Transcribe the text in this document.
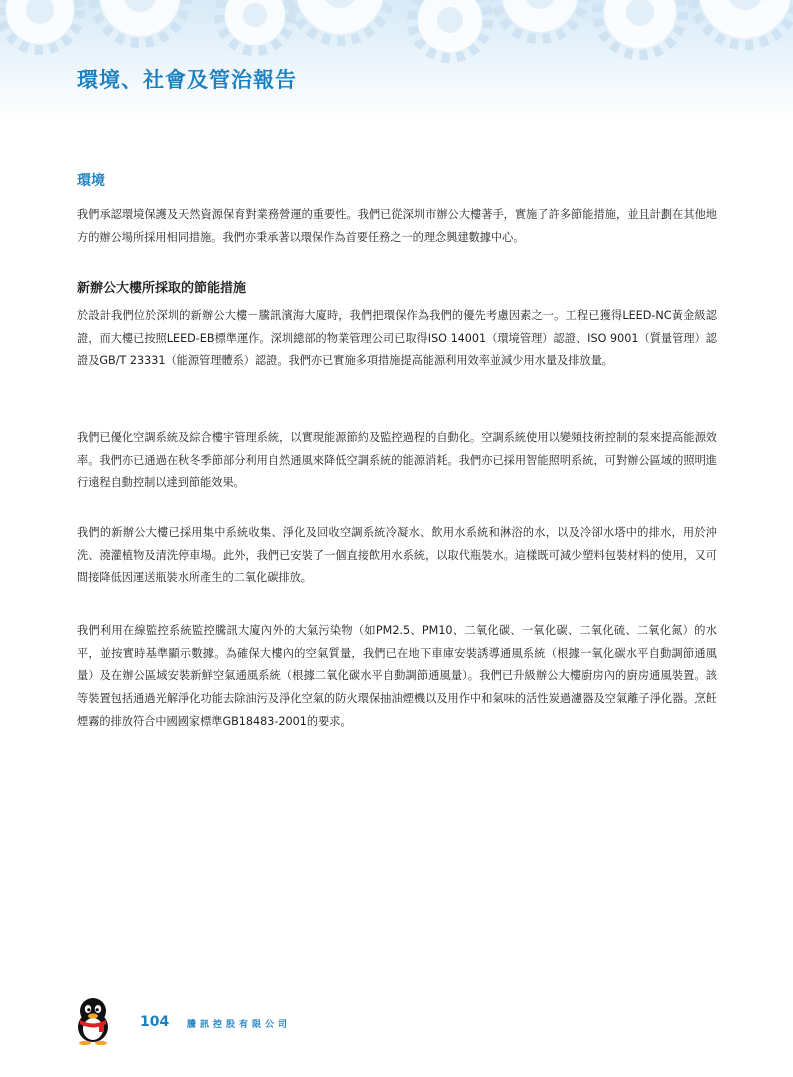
環境、社會及管治報告
環境

我們承認環境保護及天然資源保育對業務營運的重要性。我們已從深圳市辦公大樓著手，實施了許多節能措施，並且計劃在其他地方的辦公場所採用相同措施。我們亦秉承著以環保作為首要任務之一的理念興建數據中心。

新辦公大樓所採取的節能措施

於設計我們位於深圳的新辦公大樓－騰訊濱海大廈時，我們把環保作為我們的優先考慮因素之一。工程已獲得LEED-NC黃金級認證，而大樓已按照LEED-EB標準運作。深圳總部的物業管理公司已取得ISO 14001（環境管理）認證、ISO 9001（質量管理）認證及GB/T 23331（能源管理體系）認證。我們亦已實施多項措施提高能源利用效率並減少用水量及排放量。

我們已優化空調系統及綜合樓宇管理系統，以實現能源節約及監控過程的自動化。空調系統使用以變頻技術控制的泵來提高能源效率。我們亦已通過在秋冬季節部分利用自然通風來降低空調系統的能源消耗。我們亦已採用智能照明系統，可對辦公區域的照明進行遠程自動控制以達到節能效果。

我們的新辦公大樓已採用集中系統收集、淨化及回收空調系統冷凝水、飲用水系統和淋浴的水，以及冷卻水塔中的排水，用於沖洗、澆灌植物及清洗停車場。此外，我們已安裝了一個直接飲用水系統，以取代瓶裝水。這樣既可減少塑料包裝材料的使用，又可間接降低因運送瓶裝水所產生的二氧化碳排放。

我們利用在線監控系統監控騰訊大廈內外的大氣污染物（如PM2.5、PM10、二氧化碳、一氧化碳、二氧化硫、二氧化氮）的水平，並按實時基準顯示數據。為確保大樓內的空氣質量，我們已在地下車庫安裝誘導通風系統（根據一氧化碳水平自動調節通風量）及在辦公區域安裝新鮮空氣通風系統（根據二氧化碳水平自動調節通風量）。我們已升級辦公大樓廚房內的廚房通風裝置。該等裝置包括通過光解淨化功能去除油污及淨化空氣的防火環保抽油煙機以及用作中和氣味的活性炭過濾器及空氣離子淨化器。烹飪煙霧的排放符合中國國家標準GB18483-2001的要求。

104 騰訊控股有限公司
